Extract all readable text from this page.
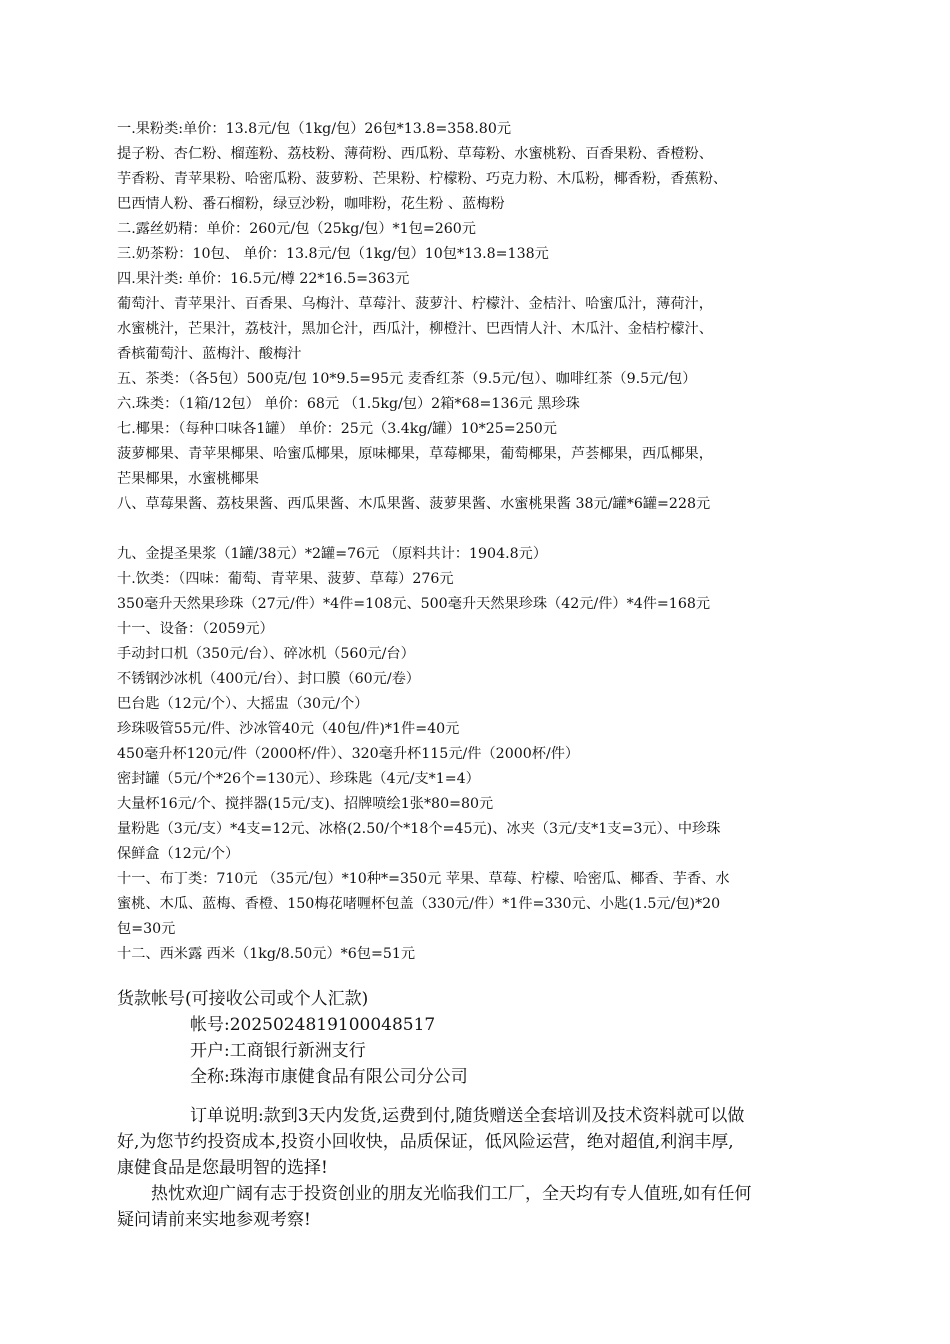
一.果粉类:单价：13.8元/包（1kg/包）26包*13.8=358.80元
提子粉、杏仁粉、榴莲粉、荔枝粉、薄荷粉、西瓜粉、草莓粉、水蜜桃粉、百香果粉、香橙粉、
芋香粉、青苹果粉、哈密瓜粉、菠萝粉、芒果粉、柠檬粉、巧克力粉、木瓜粉，椰香粉，香蕉粉、
巴西情人粉、番石榴粉，绿豆沙粉，咖啡粉，花生粉 、蓝梅粉
二.露丝奶精：单价：260元/包（25kg/包）*1包=260元
三.奶茶粉：10包、 单价：13.8元/包（1kg/包）10包*13.8=138元
四.果汁类: 单价：16.5元/樽 22*16.5=363元
葡萄汁、青苹果汁、百香果、乌梅汁、草莓汁、菠萝汁、柠檬汁、金桔汁、哈蜜瓜汁，薄荷汁，
水蜜桃汁，芒果汁，荔枝汁，黑加仑汁，西瓜汁，柳橙汁、巴西情人汁、木瓜汁、金桔柠檬汁、
香槟葡萄汁、蓝梅汁、酸梅汁
五、茶类：（各5包）500克/包 10*9.5=95元 麦香红茶（9.5元/包）、咖啡红茶（9.5元/包）
六.珠类：（1箱/12包） 单价：68元 （1.5kg/包）2箱*68=136元 黑珍珠
七.椰果：（每种口味各1罐） 单价：25元（3.4kg/罐）10*25=250元
菠萝椰果、青苹果椰果、哈蜜瓜椰果，原味椰果，草莓椰果，葡萄椰果，芦荟椰果，西瓜椰果，
芒果椰果，水蜜桃椰果
八、草莓果酱、荔枝果酱、西瓜果酱、木瓜果酱、菠萝果酱、水蜜桃果酱 38元/罐*6罐=228元
九、金提圣果浆（1罐/38元）*2罐=76元 （原料共计：1904.8元）
十.饮类：（四味：葡萄、青苹果、菠萝、草莓）276元
350毫升天然果珍珠（27元/件）*4件=108元、500毫升天然果珍珠（42元/件）*4件=168元
十一、设备：（2059元）
手动封口机（350元/台）、碎冰机（560元/台）
不锈钢沙冰机（400元/台）、封口膜（60元/卷）
巴台匙（12元/个）、大摇盅（30元/个）
珍珠吸管55元/件、沙冰管40元（40包/件)*1件=40元
450毫升杯120元/件（2000杯/件）、320毫升杯115元/件（2000杯/件）
密封罐（5元/个*26个=130元）、珍珠匙（4元/支*1=4）
大量杯16元/个、搅拌器(15元/支)、招牌喷绘1张*80=80元
量粉匙（3元/支）*4支=12元、冰格(2.50/个*18个=45元)、冰夹（3元/支*1支=3元）、中珍珠
保鲜盒（12元/个）
十一、布丁类：710元 （35元/包）*10种*=350元 苹果、草莓、柠檬、哈密瓜、椰香、芋香、水
蜜桃、木瓜、蓝梅、香橙、150梅花啫喱杯包盖（330元/件）*1件=330元、小匙(1.5元/包)*20
包=30元
十二、西米露 西米（1kg/8.50元）*6包=51元
货款帐号(可接收公司或个人汇款)
帐号:2025024819100048517
开户:工商银行新洲支行
全称:珠海市康健食品有限公司分公司
订单说明:款到3天内发货,运费到付,随货赠送全套培训及技术资料就可以做
好,为您节约投资成本,投资小回收快，品质保证，低风险运营，绝对超值,利润丰厚,
康健食品是您最明智的选择!
热忱欢迎广阔有志于投资创业的朋友光临我们工厂，全天均有专人值班,如有任何
疑问请前来实地参观考察!
